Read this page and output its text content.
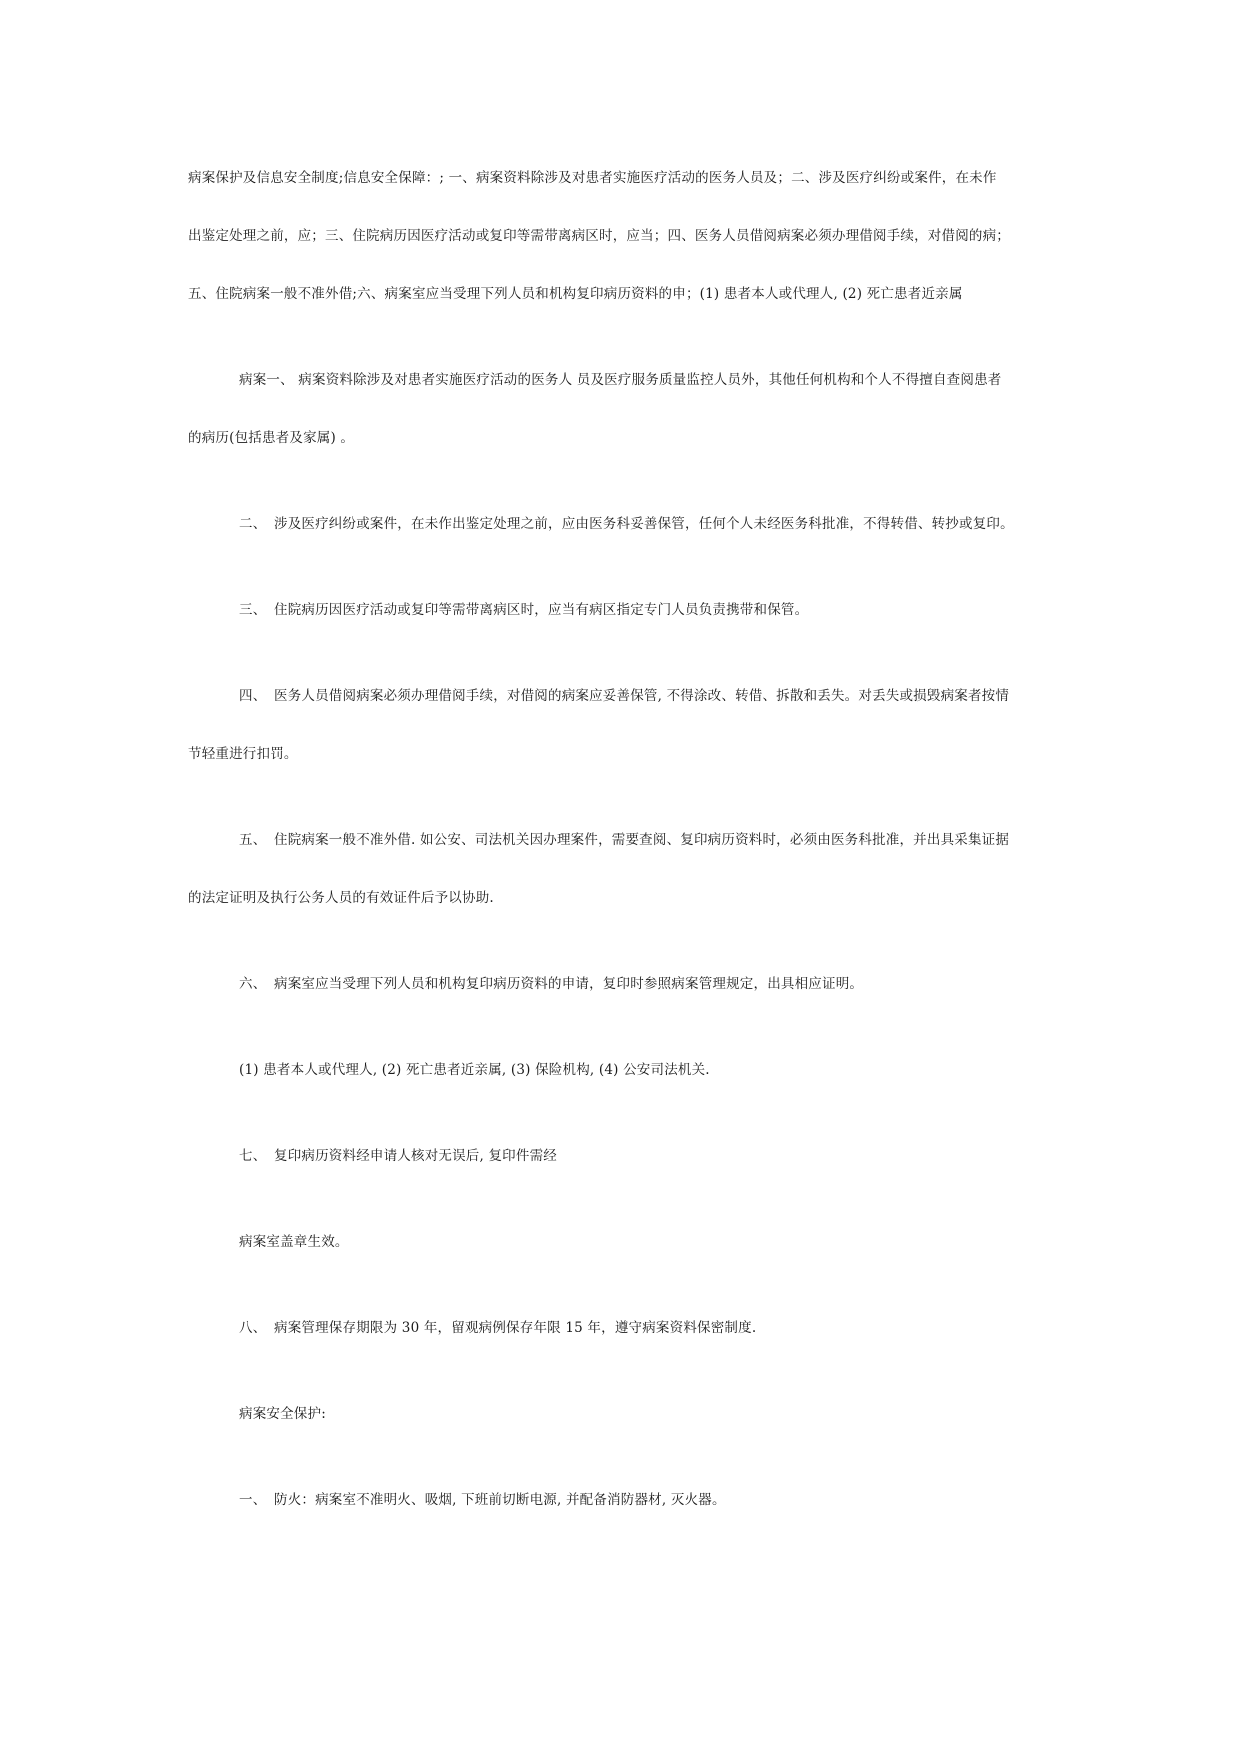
病案保护及信息安全制度;信息安全保障：; 一、病案资料除涉及对患者实施医疗活动的医务人员及；二、涉及医疗纠纷或案件，在未作
出鉴定处理之前，应；三、住院病历因医疗活动或复印等需带离病区时，应当；四、医务人员借阅病案必须办理借阅手续，对借阅的病；
五、住院病案一般不准外借;六、病案室应当受理下列人员和机构复印病历资料的申；(1) 患者本人或代理人, (2) 死亡患者近亲属
病案一、 病案资料除涉及对患者实施医疗活动的医务人 员及医疗服务质量监控人员外，其他任何机构和个人不得擅自查阅患者
的病历(包括患者及家属) 。
二、 涉及医疗纠纷或案件，在未作出鉴定处理之前，应由医务科妥善保管，任何个人未经医务科批准，不得转借、转抄或复印。
三、 住院病历因医疗活动或复印等需带离病区时，应当有病区指定专门人员负责携带和保管。
四、 医务人员借阅病案必须办理借阅手续，对借阅的病案应妥善保管, 不得涂改、转借、拆散和丢失。对丢失或损毁病案者按情
节轻重进行扣罚。
五、 住院病案一般不准外借. 如公安、司法机关因办理案件，需要查阅、复印病历资料时，必须由医务科批准，并出具采集证据
的法定证明及执行公务人员的有效证件后予以协助.
六、 病案室应当受理下列人员和机构复印病历资料的申请，复印时参照病案管理规定，出具相应证明。
(1) 患者本人或代理人, (2) 死亡患者近亲属, (3) 保险机构, (4) 公安司法机关.
七、 复印病历资料经申请人核对无误后, 复印件需经
病案室盖章生效。
八、 病案管理保存期限为 30 年，留观病例保存年限 15 年，遵守病案资料保密制度.
病案安全保护:
一、 防火：病案室不准明火、吸烟, 下班前切断电源, 并配备消防器材, 灭火器。
